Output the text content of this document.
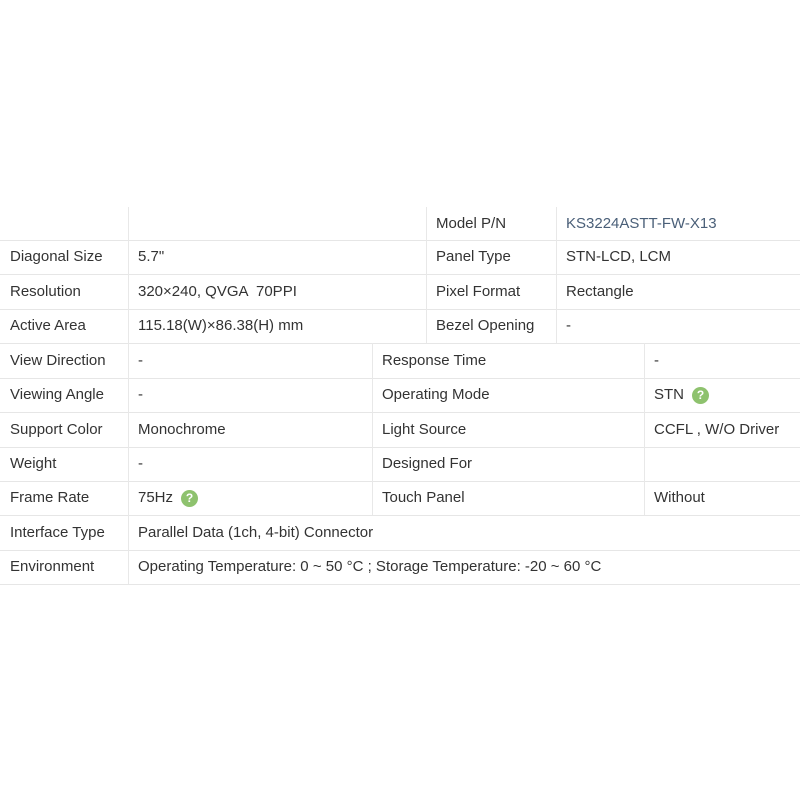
Model P/N	KS3224ASTT-FW-X13
Diagonal Size	5.7"	Panel Type	STN-LCD, LCM
Resolution	320×240, QVGA  70PPI	Pixel Format	Rectangle
Active Area	115.18(W)×86.38(H) mm	Bezel Opening	-
View Direction	-	Response Time	-
Viewing Angle	-	Operating Mode	STN	?
Support Color	Monochrome	Light Source	CCFL , W/O Driver
Weight	-	Designed For
Frame Rate	75Hz	?	Touch Panel	Without
Interface Type	Parallel Data (1ch, 4-bit) Connector
Environment	Operating Temperature: 0 ~ 50 °C ; Storage Temperature: -20 ~ 60 °C
